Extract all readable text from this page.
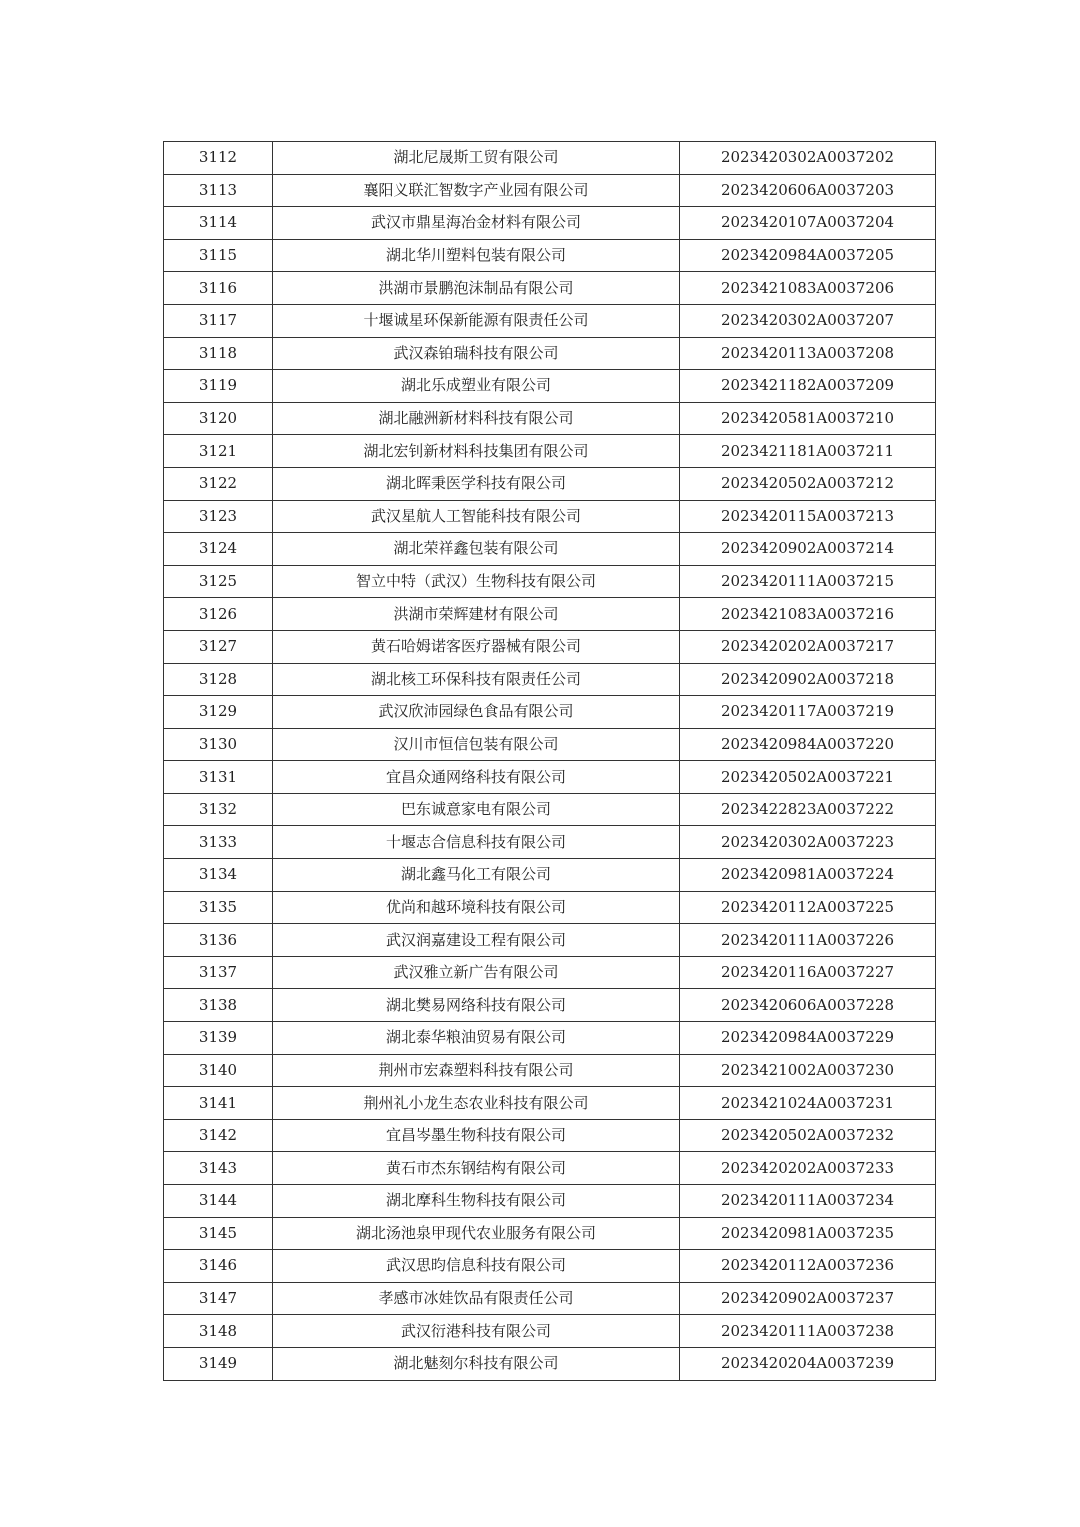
3112	湖北尼晟斯工贸有限公司	2023420302A0037202
3113	襄阳义联汇智数字产业园有限公司	2023420606A0037203
3114	武汉市鼎星海冶金材料有限公司	2023420107A0037204
3115	湖北华川塑料包装有限公司	2023420984A0037205
3116	洪湖市景鹏泡沫制品有限公司	2023421083A0037206
3117	十堰诚星环保新能源有限责任公司	2023420302A0037207
3118	武汉森铂瑞科技有限公司	2023420113A0037208
3119	湖北乐成塑业有限公司	2023421182A0037209
3120	湖北融洲新材料科技有限公司	2023420581A0037210
3121	湖北宏钊新材料科技集团有限公司	2023421181A0037211
3122	湖北晖秉医学科技有限公司	2023420502A0037212
3123	武汉星航人工智能科技有限公司	2023420115A0037213
3124	湖北荣祥鑫包装有限公司	2023420902A0037214
3125	智立中特（武汉）生物科技有限公司	2023420111A0037215
3126	洪湖市荣辉建材有限公司	2023421083A0037216
3127	黄石哈姆诺客医疗器械有限公司	2023420202A0037217
3128	湖北核工环保科技有限责任公司	2023420902A0037218
3129	武汉欣沛园绿色食品有限公司	2023420117A0037219
3130	汉川市恒信包装有限公司	2023420984A0037220
3131	宜昌众通网络科技有限公司	2023420502A0037221
3132	巴东诚意家电有限公司	2023422823A0037222
3133	十堰志合信息科技有限公司	2023420302A0037223
3134	湖北鑫马化工有限公司	2023420981A0037224
3135	优尚和越环境科技有限公司	2023420112A0037225
3136	武汉润嘉建设工程有限公司	2023420111A0037226
3137	武汉雅立新广告有限公司	2023420116A0037227
3138	湖北樊易网络科技有限公司	2023420606A0037228
3139	湖北泰华粮油贸易有限公司	2023420984A0037229
3140	荆州市宏森塑料科技有限公司	2023421002A0037230
3141	荆州礼小龙生态农业科技有限公司	2023421024A0037231
3142	宜昌岑墨生物科技有限公司	2023420502A0037232
3143	黄石市杰东钢结构有限公司	2023420202A0037233
3144	湖北摩科生物科技有限公司	2023420111A0037234
3145	湖北汤池泉甲现代农业服务有限公司	2023420981A0037235
3146	武汉思昀信息科技有限公司	2023420112A0037236
3147	孝感市冰娃饮品有限责任公司	2023420902A0037237
3148	武汉衍港科技有限公司	2023420111A0037238
3149	湖北魅刻尔科技有限公司	2023420204A0037239
